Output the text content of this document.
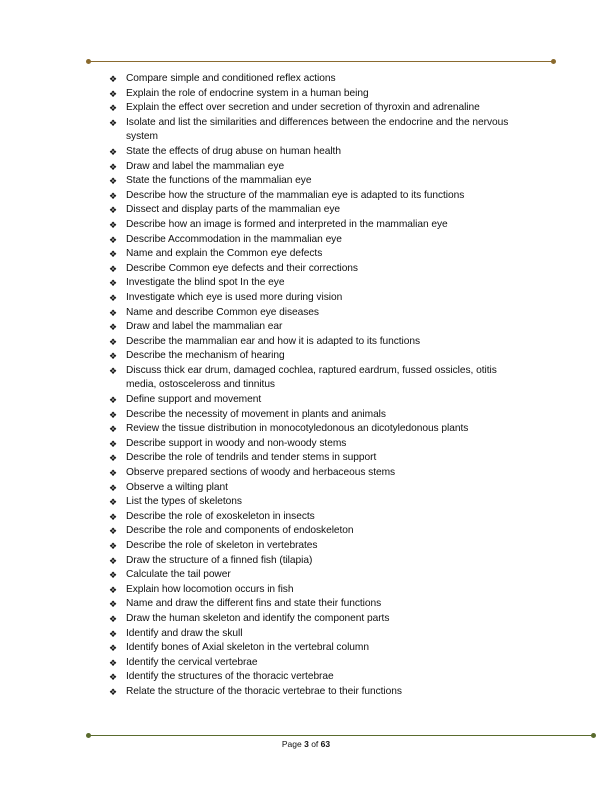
❖ Compare simple and conditioned reflex actions
❖ Explain the role of endocrine system in a human being
❖ Explain the effect over secretion and under secretion of thyroxin and adrenaline
❖ Isolate and list the similarities and differences between the endocrine and the nervous system
❖ State the effects of drug abuse on human health
❖ Draw and label the mammalian eye
❖ State the functions of the mammalian eye
❖ Describe how the structure of the mammalian eye is adapted to its functions
❖ Dissect and display parts of the mammalian eye
❖ Describe how an image is formed and interpreted in the mammalian eye
❖ Describe Accommodation in the mammalian eye
❖ Name and explain the Common eye defects
❖ Describe Common eye defects and their corrections
❖ Investigate the blind spot In the eye
❖ Investigate which eye is used more during vision
❖ Name and describe Common eye diseases
❖ Draw and label the mammalian ear
❖ Describe the mammalian ear and how it is adapted to its functions
❖ Describe the mechanism of hearing
❖ Discuss thick ear drum, damaged cochlea, raptured eardrum, fussed ossicles, otitis media, ostosceleross and tinnitus
❖ Define support and movement
❖ Describe the necessity of movement in plants and animals
❖ Review the tissue distribution in monocotyledonous an dicotyledonous plants
❖ Describe support in woody and non-woody stems
❖ Describe the role of tendrils and tender stems in support
❖ Observe prepared sections of woody and herbaceous stems
❖ Observe a wilting plant
❖ List the types of skeletons
❖ Describe the role of exoskeleton in insects
❖ Describe the role and components of endoskeleton
❖ Describe the role of skeleton in vertebrates
❖ Draw the structure of a finned fish (tilapia)
❖ Calculate the tail power
❖ Explain how locomotion occurs in fish
❖ Name and draw the different fins and state their functions
❖ Draw the human skeleton and identify the component parts
❖ Identify and draw the skull
❖ Identify bones of Axial skeleton in the vertebral column
❖ Identify the cervical vertebrae
❖ Identify the structures of the thoracic vertebrae
❖ Relate the structure of the thoracic vertebrae to their functions
Page 3 of 63
